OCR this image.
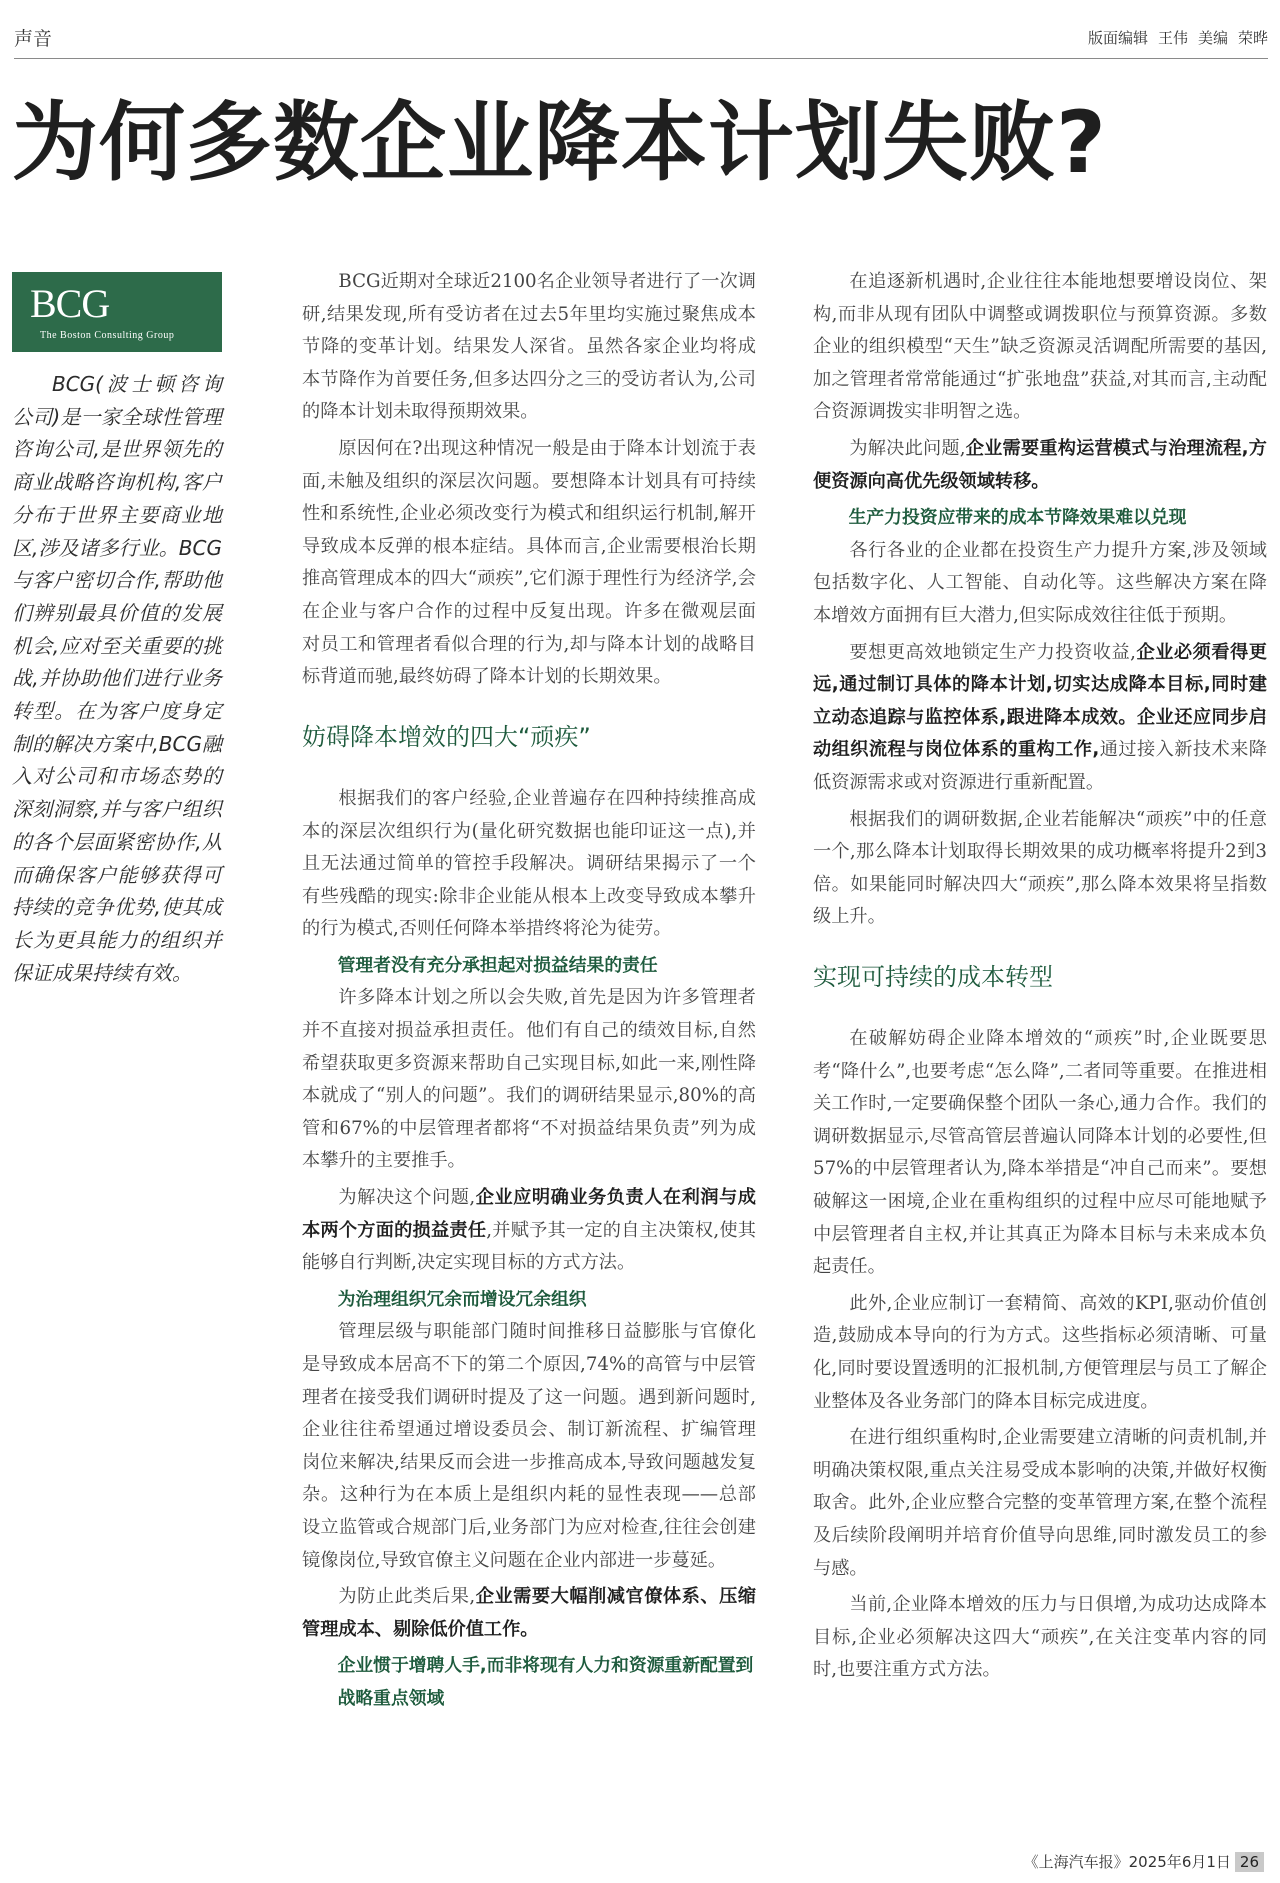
声音	版面编辑 王伟 美编 荣晔
为何多数企业降本计划失败?
BCG
The Boston Consulting Group

BCG(波士顿咨询公司)是一家全球性管理咨询公司,是世界领先的商业战略咨询机构,客户分布于世界主要商业地区,涉及诸多行业。BCG与客户密切合作,帮助他们辨别最具价值的发展机会,应对至关重要的挑战,并协助他们进行业务转型。在为客户度身定制的解决方案中,BCG融入对公司和市场态势的深刻洞察,并与客户组织的各个层面紧密协作,从而确保客户能够获得可持续的竞争优势,使其成长为更具能力的组织并保证成果持续有效。

BCG近期对全球近2100名企业领导者进行了一次调研,结果发现,所有受访者在过去5年里均实施过聚焦成本节降的变革计划。结果发人深省。虽然各家企业均将成本节降作为首要任务,但多达四分之三的受访者认为,公司的降本计划未取得预期效果。

原因何在?出现这种情况一般是由于降本计划流于表面,未触及组织的深层次问题。要想降本计划具有可持续性和系统性,企业必须改变行为模式和组织运行机制,解开导致成本反弹的根本症结。具体而言,企业需要根治长期推高管理成本的四大“顽疾”,它们源于理性行为经济学,会在企业与客户合作的过程中反复出现。许多在微观层面对员工和管理者看似合理的行为,却与降本计划的战略目标背道而驰,最终妨碍了降本计划的长期效果。

妨碍降本增效的四大“顽疾”

根据我们的客户经验,企业普遍存在四种持续推高成本的深层次组织行为(量化研究数据也能印证这一点),并且无法通过简单的管控手段解决。调研结果揭示了一个有些残酷的现实:除非企业能从根本上改变导致成本攀升的行为模式,否则任何降本举措终将沦为徒劳。

管理者没有充分承担起对损益结果的责任

许多降本计划之所以会失败,首先是因为许多管理者并不直接对损益承担责任。他们有自己的绩效目标,自然希望获取更多资源来帮助自己实现目标,如此一来,刚性降本就成了“别人的问题”。我们的调研结果显示,80%的高管和67%的中层管理者都将“不对损益结果负责”列为成本攀升的主要推手。

为解决这个问题,企业应明确业务负责人在利润与成本两个方面的损益责任,并赋予其一定的自主决策权,使其能够自行判断,决定实现目标的方式方法。

为治理组织冗余而增设冗余组织

管理层级与职能部门随时间推移日益膨胀与官僚化是导致成本居高不下的第二个原因,74%的高管与中层管理者在接受我们调研时提及了这一问题。遇到新问题时,企业往往希望通过增设委员会、制订新流程、扩编管理岗位来解决,结果反而会进一步推高成本,导致问题越发复杂。这种行为在本质上是组织内耗的显性表现——总部设立监管或合规部门后,业务部门为应对检查,往往会创建镜像岗位,导致官僚主义问题在企业内部进一步蔓延。

为防止此类后果,企业需要大幅削减官僚体系、压缩管理成本、剔除低价值工作。

企业惯于增聘人手,而非将现有人力和资源重新配置到战略重点领域

在追逐新机遇时,企业往往本能地想要增设岗位、架构,而非从现有团队中调整或调拨职位与预算资源。多数企业的组织模型“天生”缺乏资源灵活调配所需要的基因,加之管理者常常能通过“扩张地盘”获益,对其而言,主动配合资源调拨实非明智之选。

为解决此问题,企业需要重构运营模式与治理流程,方便资源向高优先级领域转移。

生产力投资应带来的成本节降效果难以兑现

各行各业的企业都在投资生产力提升方案,涉及领域包括数字化、人工智能、自动化等。这些解决方案在降本增效方面拥有巨大潜力,但实际成效往往低于预期。

要想更高效地锁定生产力投资收益,企业必须看得更远,通过制订具体的降本计划,切实达成降本目标,同时建立动态追踪与监控体系,跟进降本成效。企业还应同步启动组织流程与岗位体系的重构工作,通过接入新技术来降低资源需求或对资源进行重新配置。

根据我们的调研数据,企业若能解决“顽疾”中的任意一个,那么降本计划取得长期效果的成功概率将提升2到3倍。如果能同时解决四大“顽疾”,那么降本效果将呈指数级上升。

实现可持续的成本转型

在破解妨碍企业降本增效的“顽疾”时,企业既要思考“降什么”,也要考虑“怎么降”,二者同等重要。在推进相关工作时,一定要确保整个团队一条心,通力合作。我们的调研数据显示,尽管高管层普遍认同降本计划的必要性,但57%的中层管理者认为,降本举措是“冲自己而来”。要想破解这一困境,企业在重构组织的过程中应尽可能地赋予中层管理者自主权,并让其真正为降本目标与未来成本负起责任。

此外,企业应制订一套精简、高效的KPI,驱动价值创造,鼓励成本导向的行为方式。这些指标必须清晰、可量化,同时要设置透明的汇报机制,方便管理层与员工了解企业整体及各业务部门的降本目标完成进度。

在进行组织重构时,企业需要建立清晰的问责机制,并明确决策权限,重点关注易受成本影响的决策,并做好权衡取舍。此外,企业应整合完整的变革管理方案,在整个流程及后续阶段阐明并培育价值导向思维,同时激发员工的参与感。

当前,企业降本增效的压力与日俱增,为成功达成降本目标,企业必须解决这四大“顽疾”,在关注变革内容的同时,也要注重方式方法。

《上海汽车报》2025年6月1日 26
